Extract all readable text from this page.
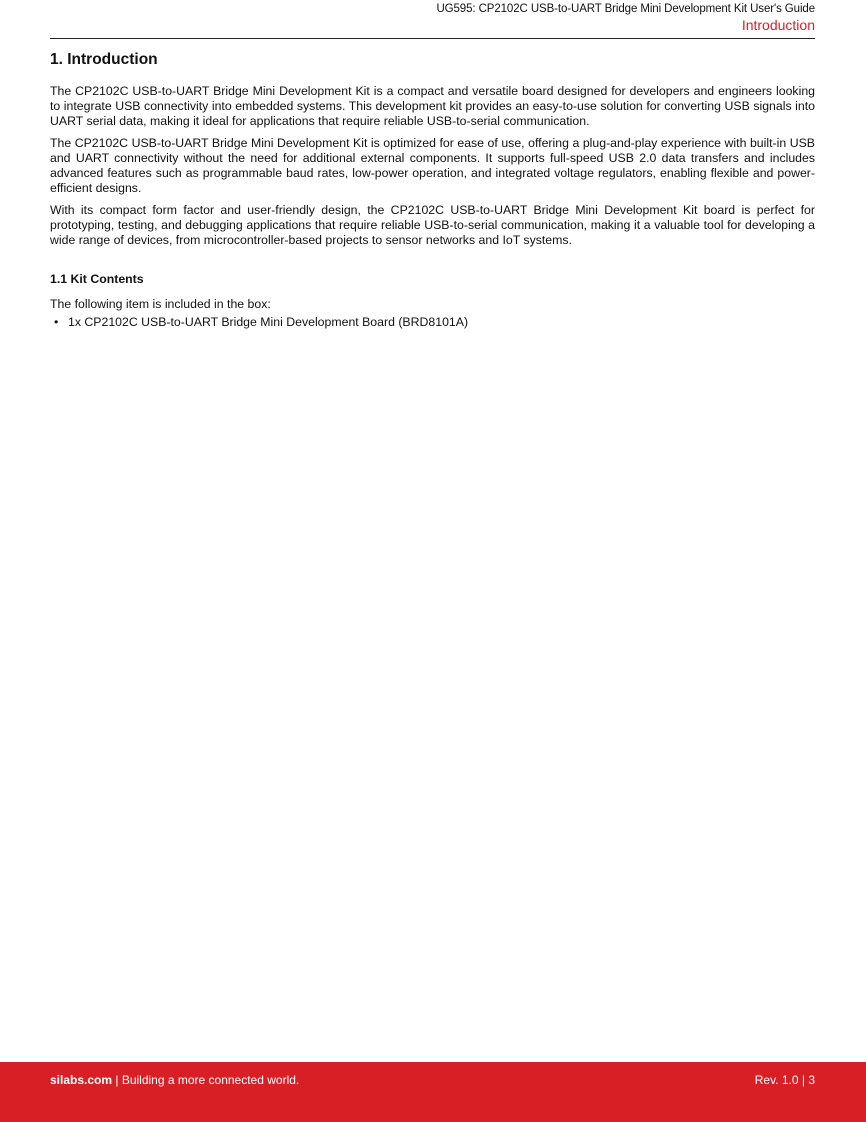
UG595: CP2102C USB-to-UART Bridge Mini Development Kit User's Guide
Introduction
1. Introduction

The CP2102C USB-to-UART Bridge Mini Development Kit is a compact and versatile board designed for developers and engineers looking to integrate USB connectivity into embedded systems. This development kit provides an easy-to-use solution for converting USB signals into UART serial data, making it ideal for applications that require reliable USB-to-serial communication.

The CP2102C USB-to-UART Bridge Mini Development Kit is optimized for ease of use, offering a plug-and-play experience with built-in USB and UART connectivity without the need for additional external components. It supports full-speed USB 2.0 data transfers and includes advanced features such as programmable baud rates, low-power operation, and integrated voltage regulators, enabling flexible and power-efficient designs.

With its compact form factor and user-friendly design, the CP2102C USB-to-UART Bridge Mini Development Kit board is perfect for prototyping, testing, and debugging applications that require reliable USB-to-serial communication, making it a valuable tool for developing a wide range of devices, from microcontroller-based projects to sensor networks and IoT systems.

1.1 Kit Contents

The following item is included in the box:

• 1x CP2102C USB-to-UART Bridge Mini Development Board (BRD8101A)
silabs.com | Building a more connected world.	Rev. 1.0 | 3
